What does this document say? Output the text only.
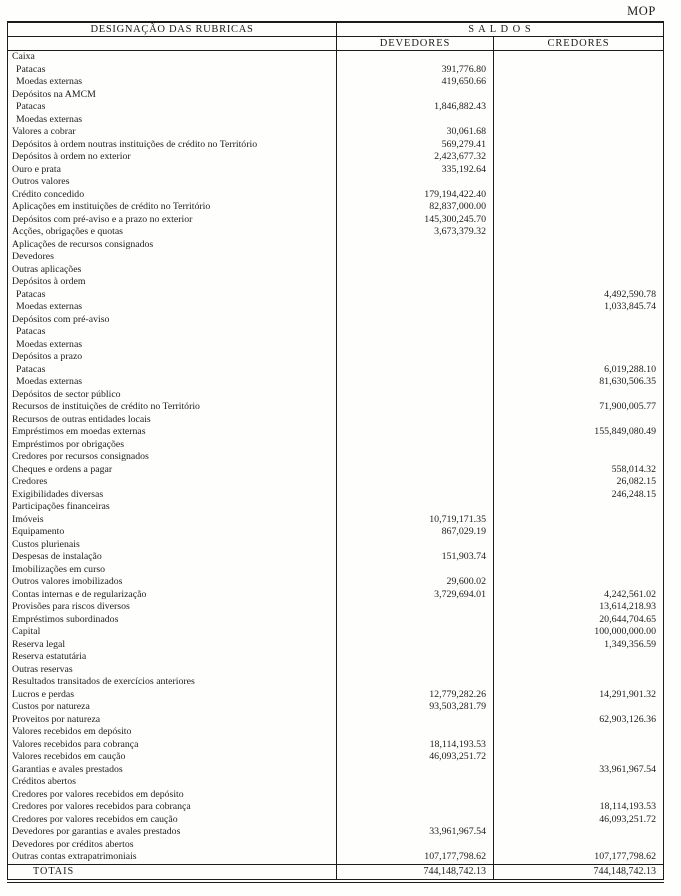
MOP
DESIGNAÇÃO DAS RUBRICAS	S A L D O S	
	DEVEDORES	CREDORES
Caixa		
Patacas	391,776.80	
Moedas externas	419,650.66	
Depósitos na AMCM		
Patacas	1,846,882.43	
Moedas externas		
Valores a cobrar	30,061.68	
Depósitos à ordem noutras instituições de crédito no Território	569,279.41	
Depósitos à ordem no exterior	2,423,677.32	
Ouro e prata	335,192.64	
Outros valores		
Crédito concedido	179,194,422.40	
Aplicações em instituições de crédito no Território	82,837,000.00	
Depósitos com pré-aviso e a prazo no exterior	145,300,245.70	
Acções, obrigações e quotas	3,673,379.32	
Aplicações de recursos consignados		
Devedores		
Outras aplicações		
Depósitos à ordem		
Patacas		4,492,590.78
Moedas externas		1,033,845.74
Depósitos com pré-aviso		
Patacas		
Moedas externas		
Depósitos a prazo		
Patacas		6,019,288.10
Moedas externas		81,630,506.35
Depósitos de sector público		
Recursos de instituições de crédito no Território		71,900,005.77
Recursos de outras entidades locais		
Empréstimos em moedas externas		155,849,080.49
Empréstimos por obrigações		
Credores por recursos consignados		
Cheques e ordens a pagar		558,014.32
Credores		26,082.15
Exigibilidades diversas		246,248.15
Participações financeiras		
Imóveis	10,719,171.35	
Equipamento	867,029.19	
Custos plurienais		
Despesas de instalação	151,903.74	
Imobilizações em curso		
Outros valores imobilizados	29,600.02	
Contas internas e de regularização	3,729,694.01	4,242,561.02
Provisões para riscos diversos		13,614,218.93
Empréstimos subordinados		20,644,704.65
Capital		100,000,000.00
Reserva legal		1,349,356.59
Reserva estatutária		
Outras reservas		
Resultados transitados de exercícios anteriores		
Lucros e perdas	12,779,282.26	14,291,901.32
Custos por natureza	93,503,281.79	
Proveitos por natureza		62,903,126.36
Valores recebidos em depósito		
Valores recebidos para cobrança	18,114,193.53	
Valores recebidos em caução	46,093,251.72	
Garantias e avales prestados		33,961,967.54
Créditos abertos		
Credores por valores recebidos em depósito		
Credores por valores recebidos para cobrança		18,114,193.53
Credores por valores recebidos em caução		46,093,251.72
Devedores por garantias e avales prestados	33,961,967.54	
Devedores por créditos abertos		
Outras contas extrapatrimoniais	107,177,798.62	107,177,798.62
TOTAIS	744,148,742.13	744,148,742.13
